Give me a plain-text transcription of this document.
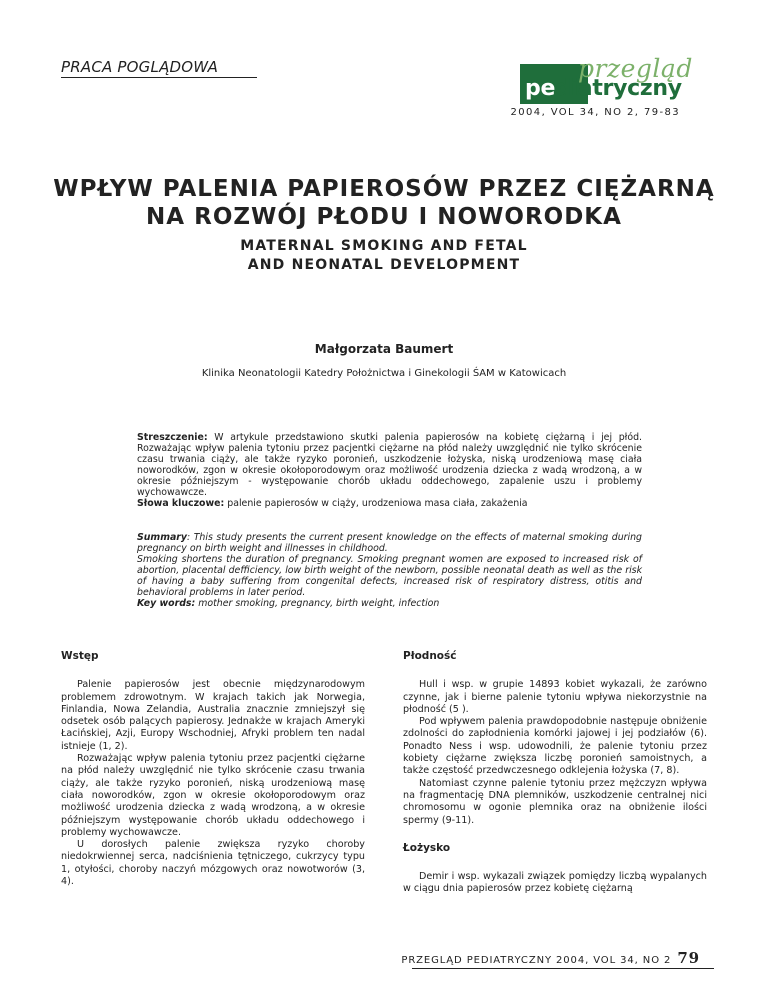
PRACA POGLĄDOWA	przegląd
pediatryczny
2004, VOL 34, NO 2, 79-83
WPŁYW PALENIA PAPIEROSÓW PRZEZ CIĘŻARNĄ
NA ROZWÓJ PŁODU I NOWORODKA
MATERNAL SMOKING AND FETAL
AND NEONATAL DEVELOPMENT
Małgorzata Baumert
Klinika Neonatologii Katedry Położnictwa i Ginekologii ŚAM w Katowicach

Streszczenie: W artykule przedstawiono skutki palenia papierosów na kobietę ciężarną i jej płód. Rozważając wpływ palenia tytoniu przez pacjentki ciężarne na płód należy uwzględnić nie tylko skrócenie czasu trwania ciąży, ale także ryzyko poronień, uszkodzenie łożyska, niską urodzeniową masę ciała noworodków, zgon w okresie okołoporodowym oraz możliwość urodzenia dziecka z wadą wrodzoną, a w okresie późniejszym - występowanie chorób układu oddechowego, zapalenie uszu i problemy wychowawcze.

Słowa kluczowe: palenie papierosów w ciąży, urodzeniowa masa ciała, zakażenia

Summary: This study presents the current present knowledge on the effects of maternal smoking during pregnancy on birth weight and illnesses in childhood.

Smoking shortens the duration of pregnancy. Smoking pregnant women are exposed to increased risk of abortion, placental defficiency, low birth weight of the newborn, possible neonatal death as well as the risk of having a baby suffering from congenital defects, increased risk of respiratory distress, otitis and behavioral problems in later period.

Key words: mother smoking, pregnancy, birth weight, infection

Wstęp

Palenie papierosów jest obecnie międzynarodowym problemem zdrowotnym. W krajach takich jak Norwegia, Finlandia, Nowa Zelandia, Australia znacznie zmniejszył się odsetek osób palących papierosy. Jednakże w krajach Ameryki Łacińskiej, Azji, Europy Wschodniej, Afryki problem ten nadal istnieje (1, 2).

Rozważając wpływ palenia tytoniu przez pacjentki ciężarne na płód należy uwzględnić nie tylko skrócenie czasu trwania ciąży, ale także ryzyko poronień, niską urodzeniową masę ciała noworodków, zgon w okresie okołoporodowym oraz możliwość urodzenia dziecka z wadą wrodzoną, a w okresie późniejszym występowanie chorób układu oddechowego i problemy wychowawcze.

U dorosłych palenie zwiększa ryzyko choroby niedokrwiennej serca, nadciśnienia tętniczego, cukrzycy typu 1, otyłości, choroby naczyń mózgowych oraz nowotworów (3, 4).

Płodność

Hull i wsp. w grupie 14893 kobiet wykazali, że zarówno czynne, jak i bierne palenie tytoniu wpływa niekorzystnie na płodność (5 ).

Pod wpływem palenia prawdopodobnie następuje obniżenie zdolności do zapłodnienia komórki jajowej i jej podziałów (6). Ponadto Ness i wsp. udowodnili, że palenie tytoniu przez kobiety ciężarne zwiększa liczbę poronień samoistnych, a także częstość przedwczesnego odklejenia łożyska (7, 8).

Natomiast czynne palenie tytoniu przez mężczyzn wpływa na fragmentację DNA plemników, uszkodzenie centralnej nici chromosomu w ogonie plemnika oraz na obniżenie ilości spermy (9-11).

Łożysko

Demir i wsp. wykazali związek pomiędzy liczbą wypalanych w ciągu dnia papierosów przez kobietę ciężarną

PRZEGLĄD PEDIATRYCZNY 2004, VOL 34, NO 2 79
